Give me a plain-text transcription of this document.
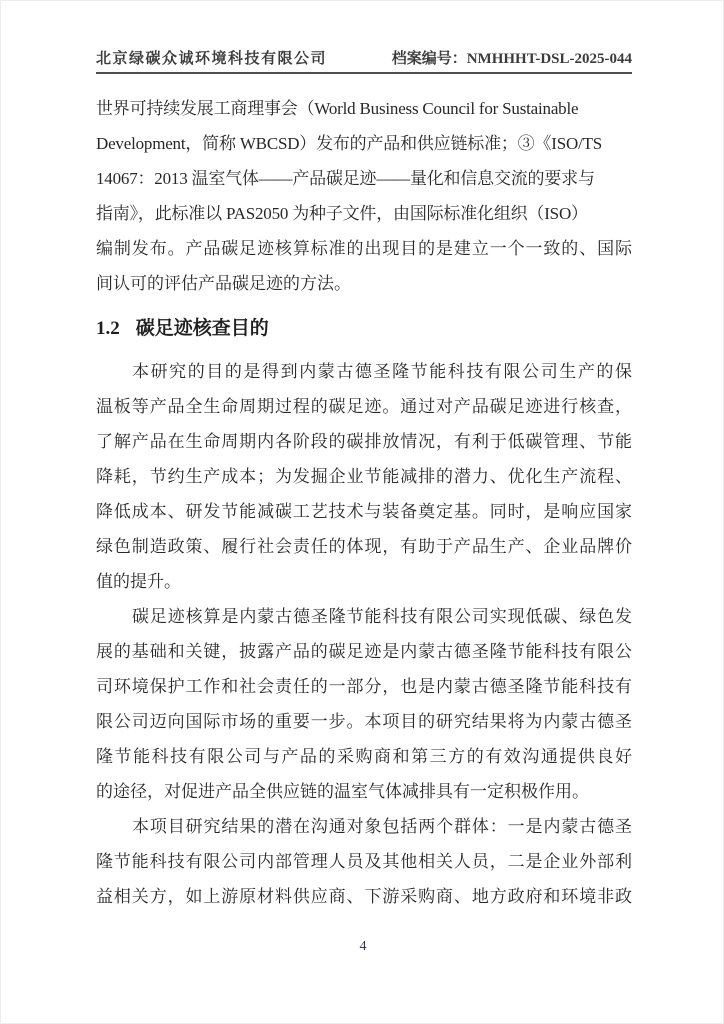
北京绿碳众诚环境科技有限公司	档案编号：NMHHHT-DSL-2025-044
世界可持续发展工商理事会（World Business Council for Sustainable
Development，简称 WBCSD）发布的产品和供应链标准；③《ISO/TS
14067：2013 温室气体——产品碳足迹——量化和信息交流的要求与
指南》，此标准以 PAS2050 为种子文件，由国际标准化组织（ISO）
编制发布。产品碳足迹核算标准的出现目的是建立一个一致的、国际
间认可的评估产品碳足迹的方法。
1.2 碳足迹核查目的
本研究的目的是得到内蒙古德圣隆节能科技有限公司生产的保
温板等产品全生命周期过程的碳足迹。通过对产品碳足迹进行核查，
了解产品在生命周期内各阶段的碳排放情况，有利于低碳管理、节能
降耗，节约生产成本；为发掘企业节能减排的潜力、优化生产流程、
降低成本、研发节能减碳工艺技术与装备奠定基。同时，是响应国家
绿色制造政策、履行社会责任的体现，有助于产品生产、企业品牌价
值的提升。
碳足迹核算是内蒙古德圣隆节能科技有限公司实现低碳、绿色发
展的基础和关键，披露产品的碳足迹是内蒙古德圣隆节能科技有限公
司环境保护工作和社会责任的一部分，也是内蒙古德圣隆节能科技有
限公司迈向国际市场的重要一步。本项目的研究结果将为内蒙古德圣
隆节能科技有限公司与产品的采购商和第三方的有效沟通提供良好
的途径，对促进产品全供应链的温室气体减排具有一定积极作用。
本项目研究结果的潜在沟通对象包括两个群体：一是内蒙古德圣
隆节能科技有限公司内部管理人员及其他相关人员，二是企业外部利
益相关方，如上游原材料供应商、下游采购商、地方政府和环境非政
4
